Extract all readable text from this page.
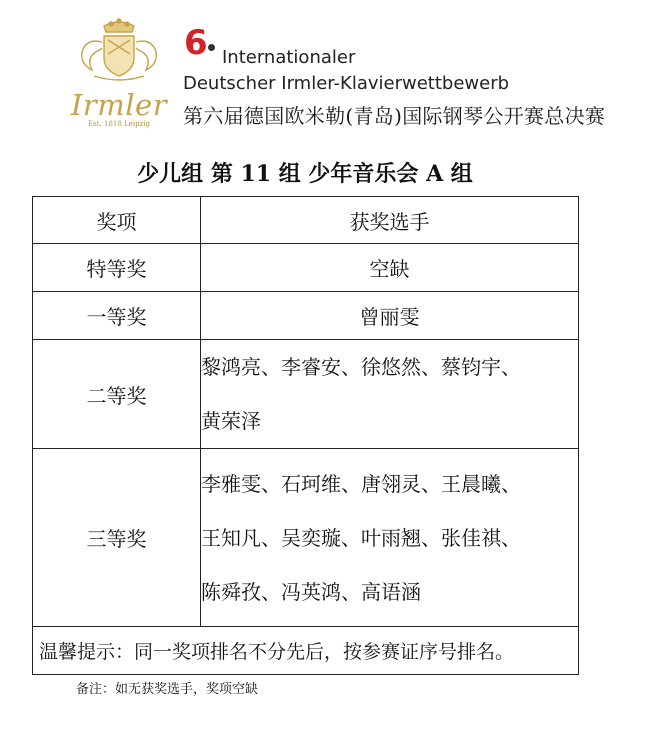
Irmler
Est. 1818 Leipzig
6 Internationaler
Deutscher Irmler-Klavierwettbewerb
第六届德国欧米勒(青岛)国际钢琴公开赛总决赛
少儿组 第 11 组 少年音乐会 A 组
奖项	获奖选手
特等奖	空缺
一等奖	曾丽雯
二等奖	黎鸿亮、李睿安、徐悠然、蔡钧宇、
黄荣泽

三等奖	李雅雯、石珂维、唐翎灵、王晨曦、
王知凡、吴奕璇、叶雨翘、张佳祺、
陈舜孜、冯英鸿、高语涵

温馨提示：同一奖项排名不分先后，按参赛证序号排名。	
备注：如无获奖选手，奖项空缺
